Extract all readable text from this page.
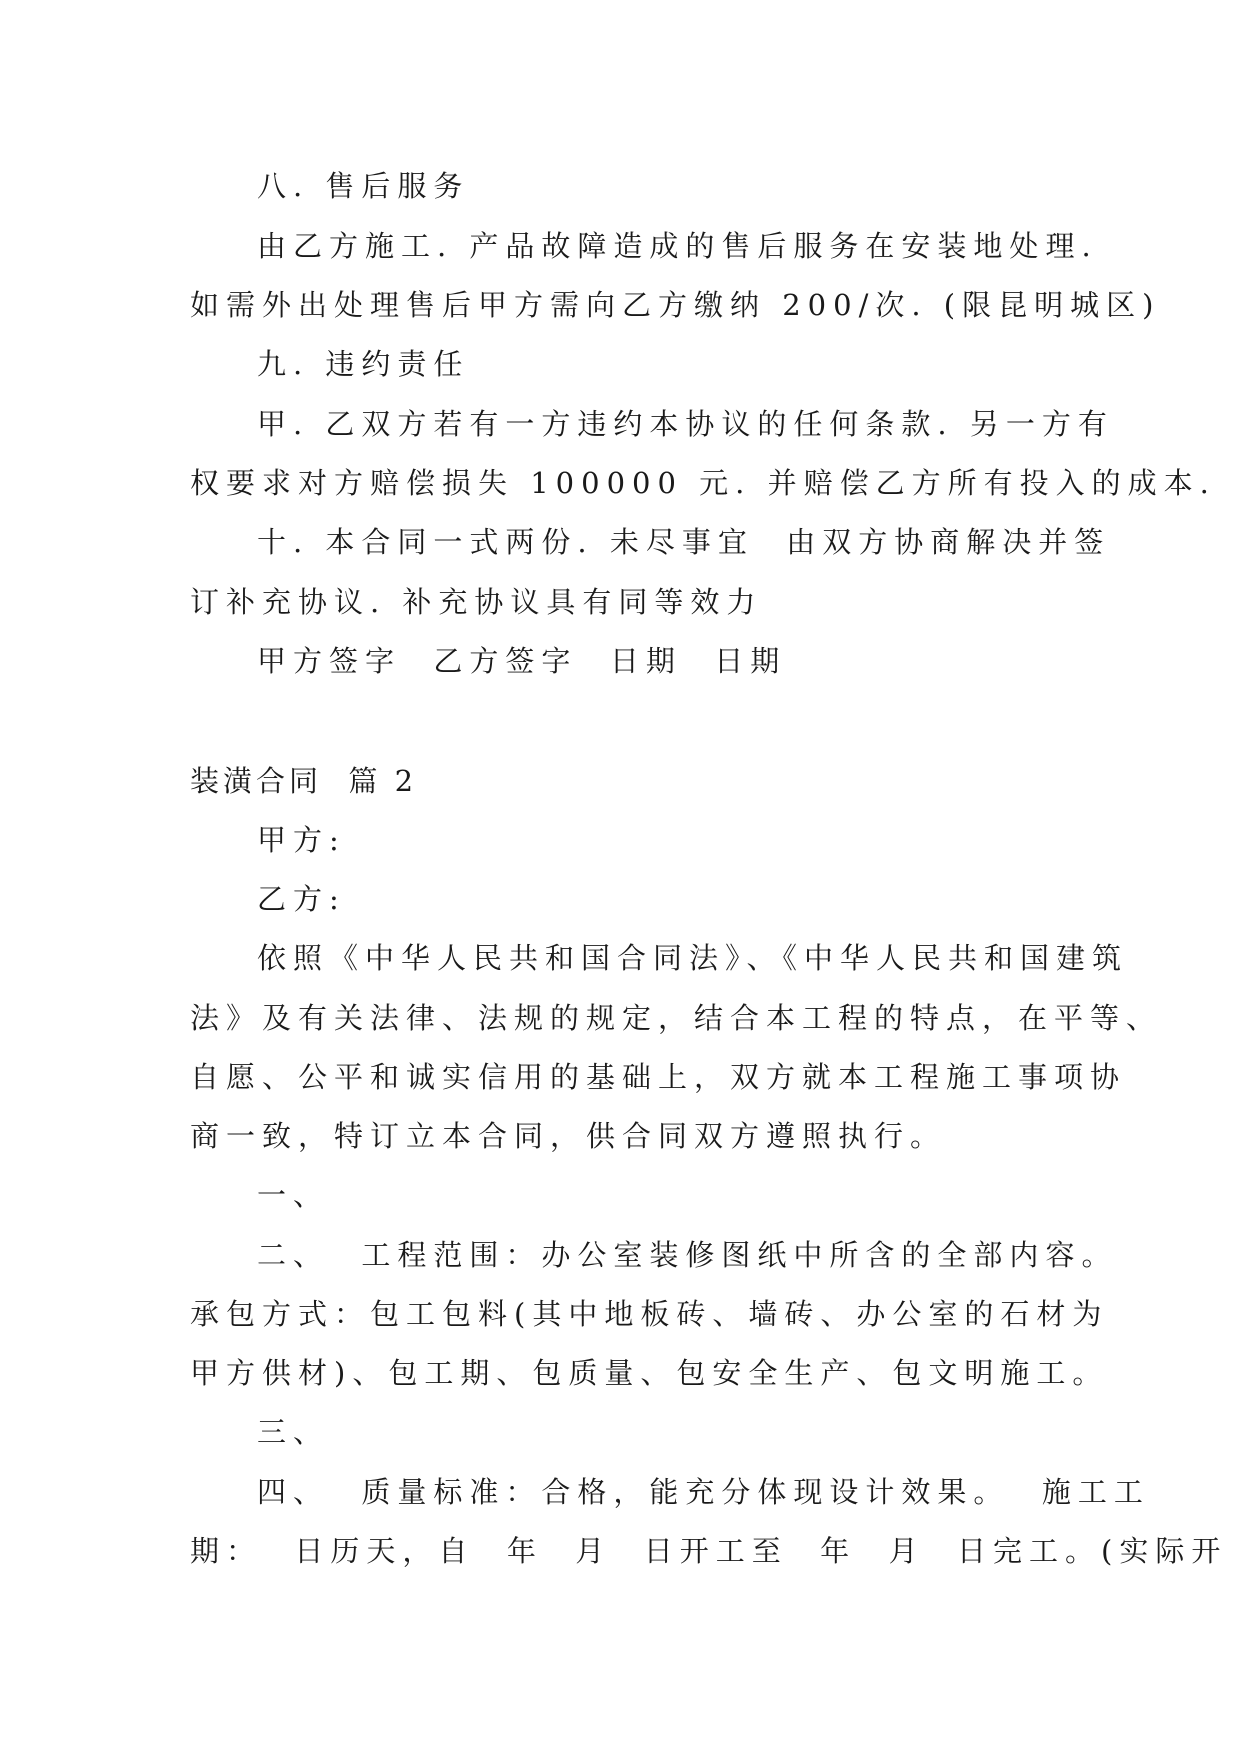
八. 售后服务
由乙方施工. 产品故障造成的售后服务在安装地处理.
如需外出处理售后甲方需向乙方缴纳 200/次. (限昆明城区)
九. 违约责任
甲. 乙双方若有一方违约本协议的任何条款. 另一方有
权要求对方赔偿损失 100000 元. 并赔偿乙方所有投入的成本.
十. 本合同一式两份. 未尽事宜  由双方协商解决并签
订补充协议. 补充协议具有同等效力
甲方签字  乙方签字  日期  日期
装潢合同  篇 2
甲方:
乙方:
依照《中华人民共和国合同法》、《中华人民共和国建筑
法》及有关法律、法规的规定，结合本工程的特点，在平等、
自愿、公平和诚实信用的基础上，双方就本工程施工事项协
商一致，特订立本合同，供合同双方遵照执行。
一、
二、  工程范围：办公室装修图纸中所含的全部内容。
承包方式：包工包料(其中地板砖、墙砖、办公室的石材为
甲方供材)、包工期、包质量、包安全生产、包文明施工。
三、
四、  质量标准：合格，能充分体现设计效果。  施工工
期：  日历天，自  年  月  日开工至  年  月  日完工。(实际开
